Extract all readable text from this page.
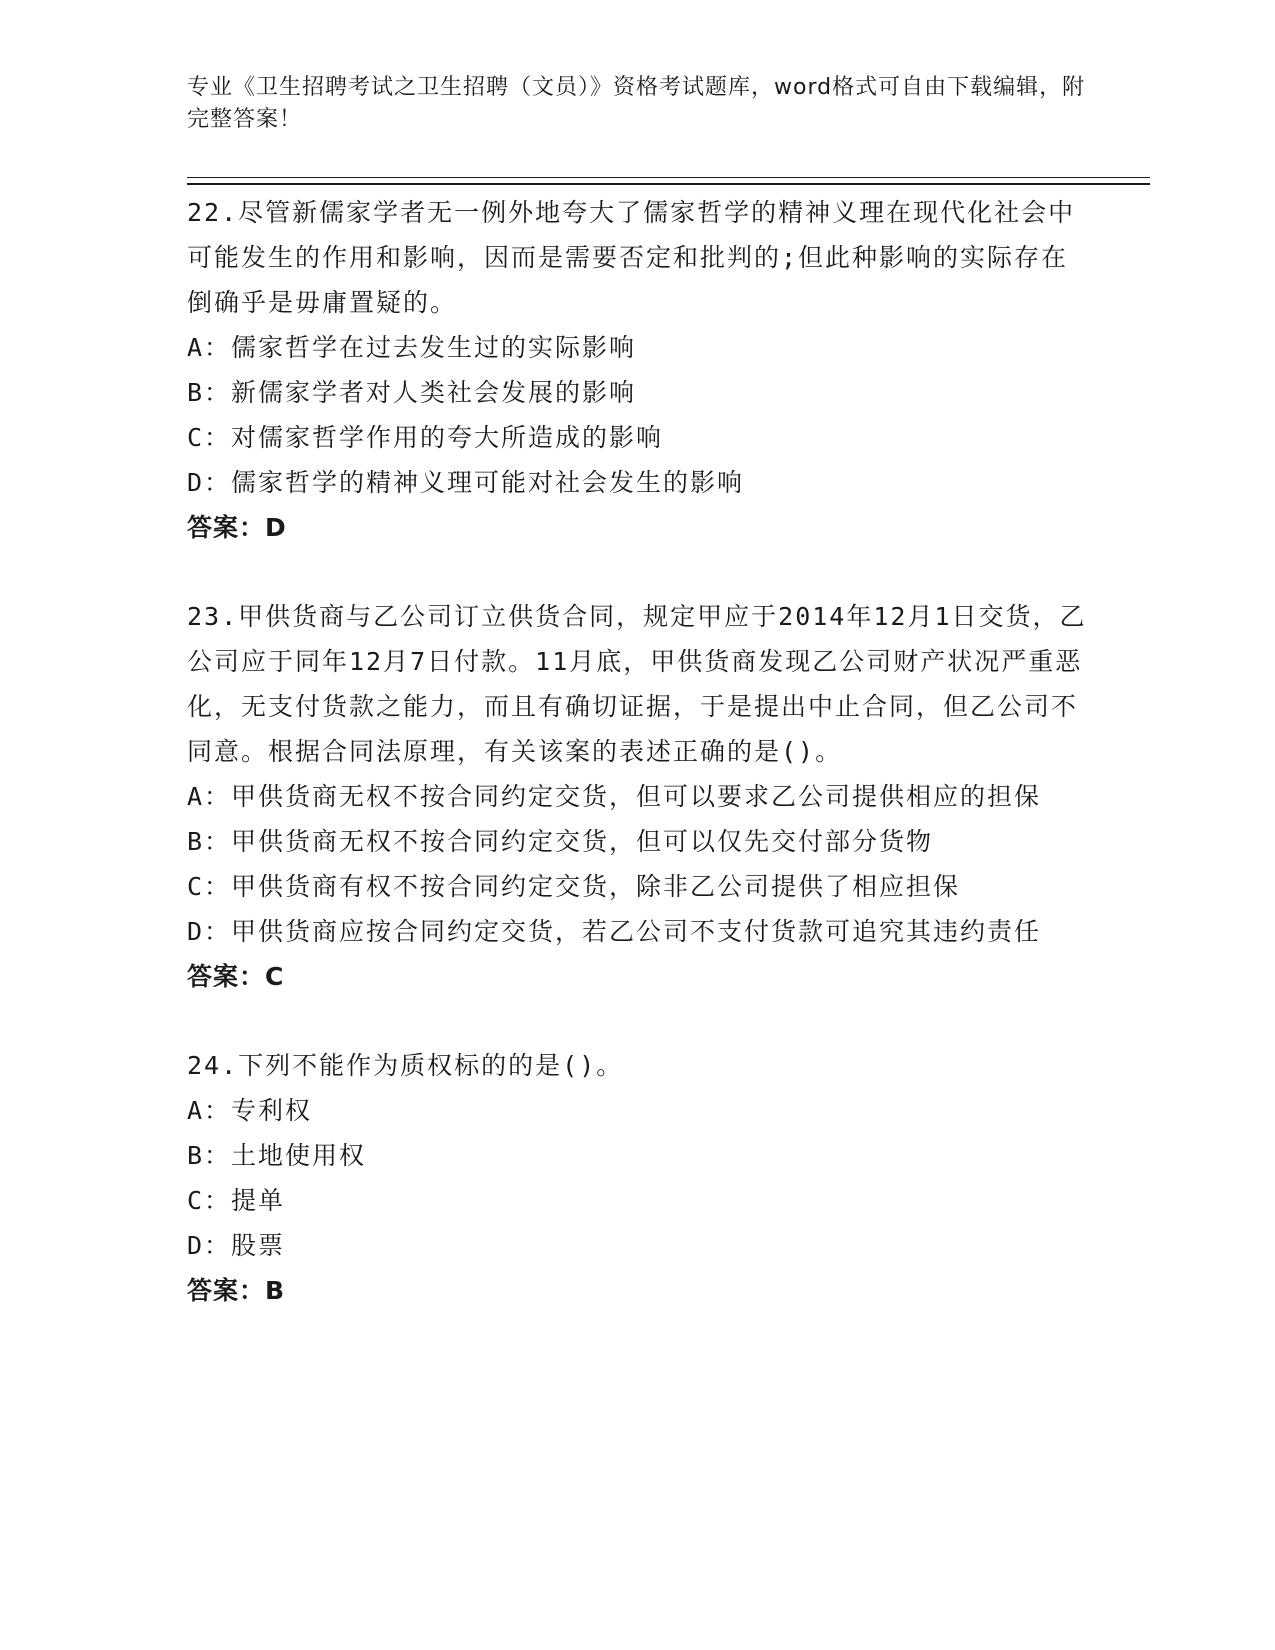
专业《卫生招聘考试之卫生招聘（文员）》资格考试题库，word格式可自由下载编辑，附完整答案！

22.尽管新儒家学者无一例外地夸大了儒家哲学的精神义理在现代化社会中可能发生的作用和影响，因而是需要否定和批判的;但此种影响的实际存在倒确乎是毋庸置疑的。

A：儒家哲学在过去发生过的实际影响

B：新儒家学者对人类社会发展的影响

C：对儒家哲学作用的夸大所造成的影响

D：儒家哲学的精神义理可能对社会发生的影响

答案：D

23.甲供货商与乙公司订立供货合同，规定甲应于2014年12月1日交货，乙公司应于同年12月7日付款。11月底，甲供货商发现乙公司财产状况严重恶化，无支付货款之能力，而且有确切证据，于是提出中止合同，但乙公司不同意。根据合同法原理，有关该案的表述正确的是()。

A：甲供货商无权不按合同约定交货，但可以要求乙公司提供相应的担保

B：甲供货商无权不按合同约定交货，但可以仅先交付部分货物

C：甲供货商有权不按合同约定交货，除非乙公司提供了相应担保

D：甲供货商应按合同约定交货，若乙公司不支付货款可追究其违约责任

答案：C

24.下列不能作为质权标的的是()。

A：专利权

B：土地使用权

C：提单

D：股票

答案：B
